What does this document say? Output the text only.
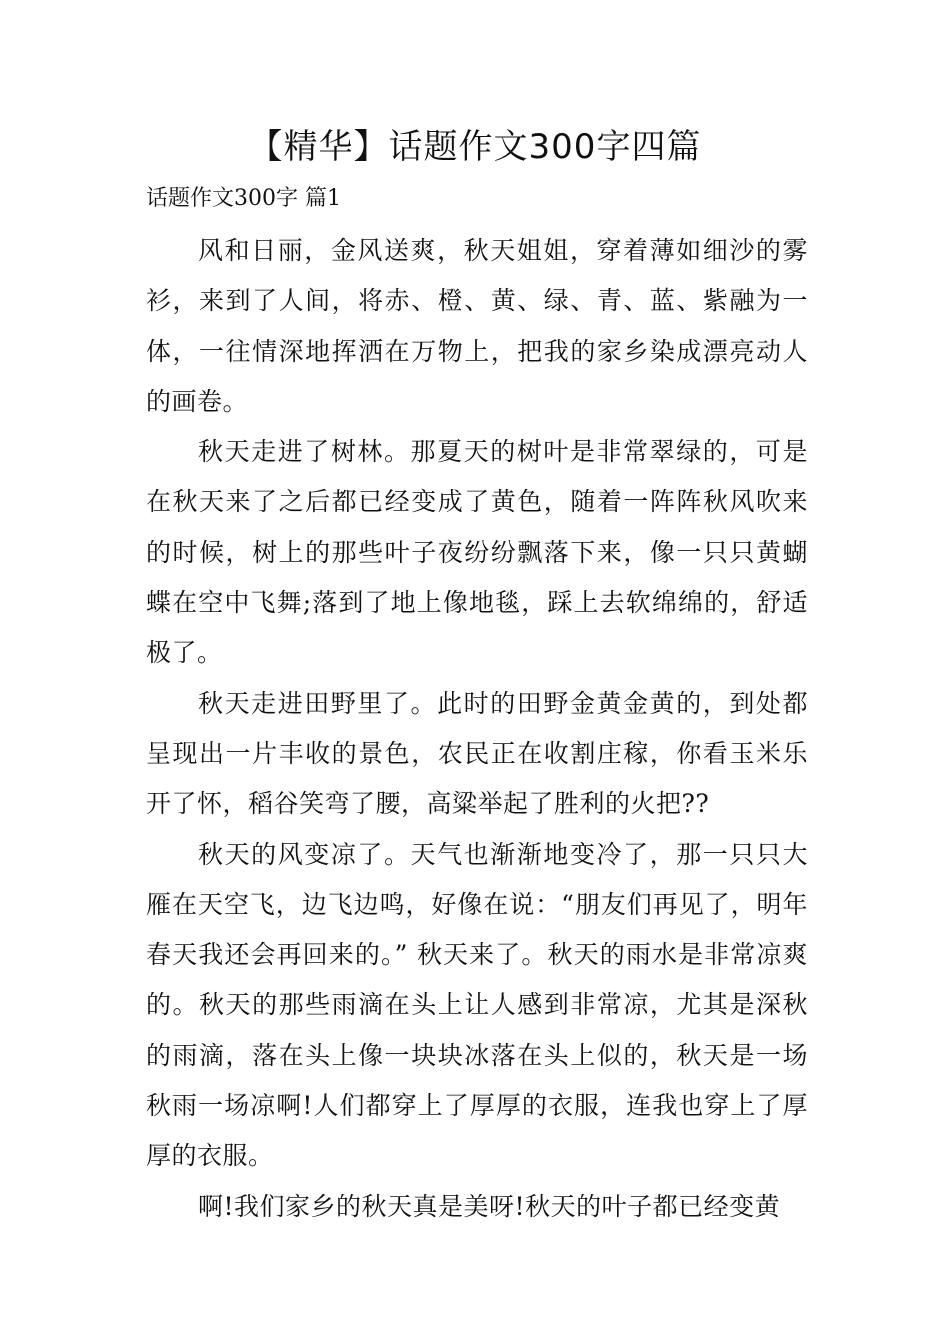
【精华】话题作文300字四篇
话题作文300字 篇1

风和日丽，金风送爽，秋天姐姐，穿着薄如细沙的雾衫，来到了人间，将赤、橙、黄、绿、青、蓝、紫融为一体，一往情深地挥洒在万物上，把我的家乡染成漂亮动人的画卷。

秋天走进了树林。那夏天的树叶是非常翠绿的，可是在秋天来了之后都已经变成了黄色，随着一阵阵秋风吹来的时候，树上的那些叶子夜纷纷飘落下来，像一只只黄蝴蝶在空中飞舞;落到了地上像地毯，踩上去软绵绵的，舒适极了。

秋天走进田野里了。此时的田野金黄金黄的，到处都呈现出一片丰收的景色，农民正在收割庄稼，你看玉米乐开了怀，稻谷笑弯了腰，高粱举起了胜利的火把??

秋天的风变凉了。天气也渐渐地变冷了，那一只只大雁在天空飞，边飞边鸣，好像在说：“朋友们再见了，明年春天我还会再回来的。” 秋天来了。秋天的雨水是非常凉爽的。秋天的那些雨滴在头上让人感到非常凉，尤其是深秋的雨滴，落在头上像一块块冰落在头上似的，秋天是一场秋雨一场凉啊!人们都穿上了厚厚的衣服，连我也穿上了厚厚的衣服。

啊!我们家乡的秋天真是美呀!秋天的叶子都已经变黄
